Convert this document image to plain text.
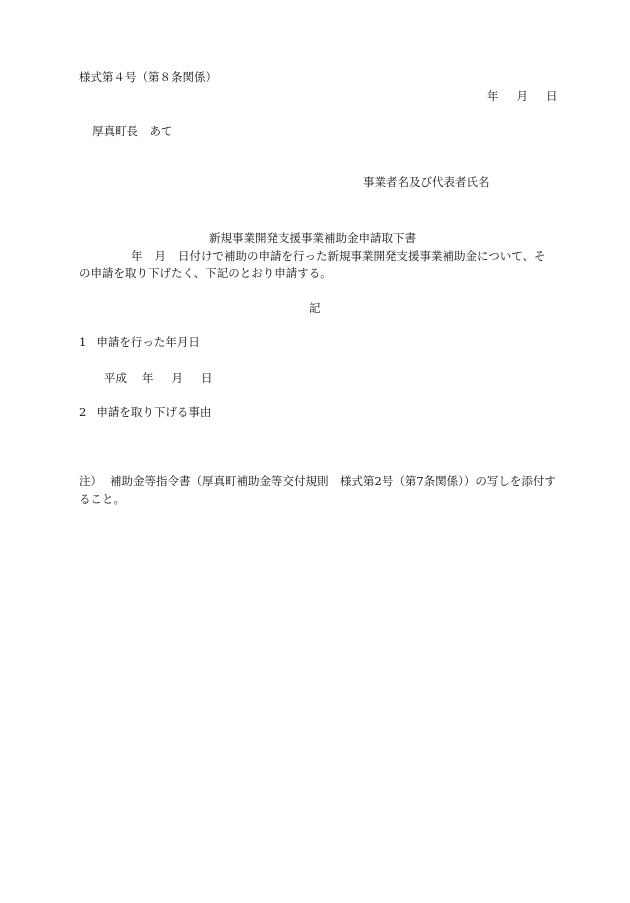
様式第４号（第８条関係）
年 月 日
厚真町長　あて
事業者名及び代表者氏名
新規事業開発支援事業補助金申請取下書
年 月 日付けで補助の申請を行った新規事業開発支援事業補助金について、そ
の申請を取り下げたく、下記のとおり申請する。
記
1 申請を行った年月日
平成 年 月 日
2 申請を取り下げる事由
注） 補助金等指令書（厚真町補助金等交付規則　様式第2号（第7条関係））の写しを添付す
ること。
